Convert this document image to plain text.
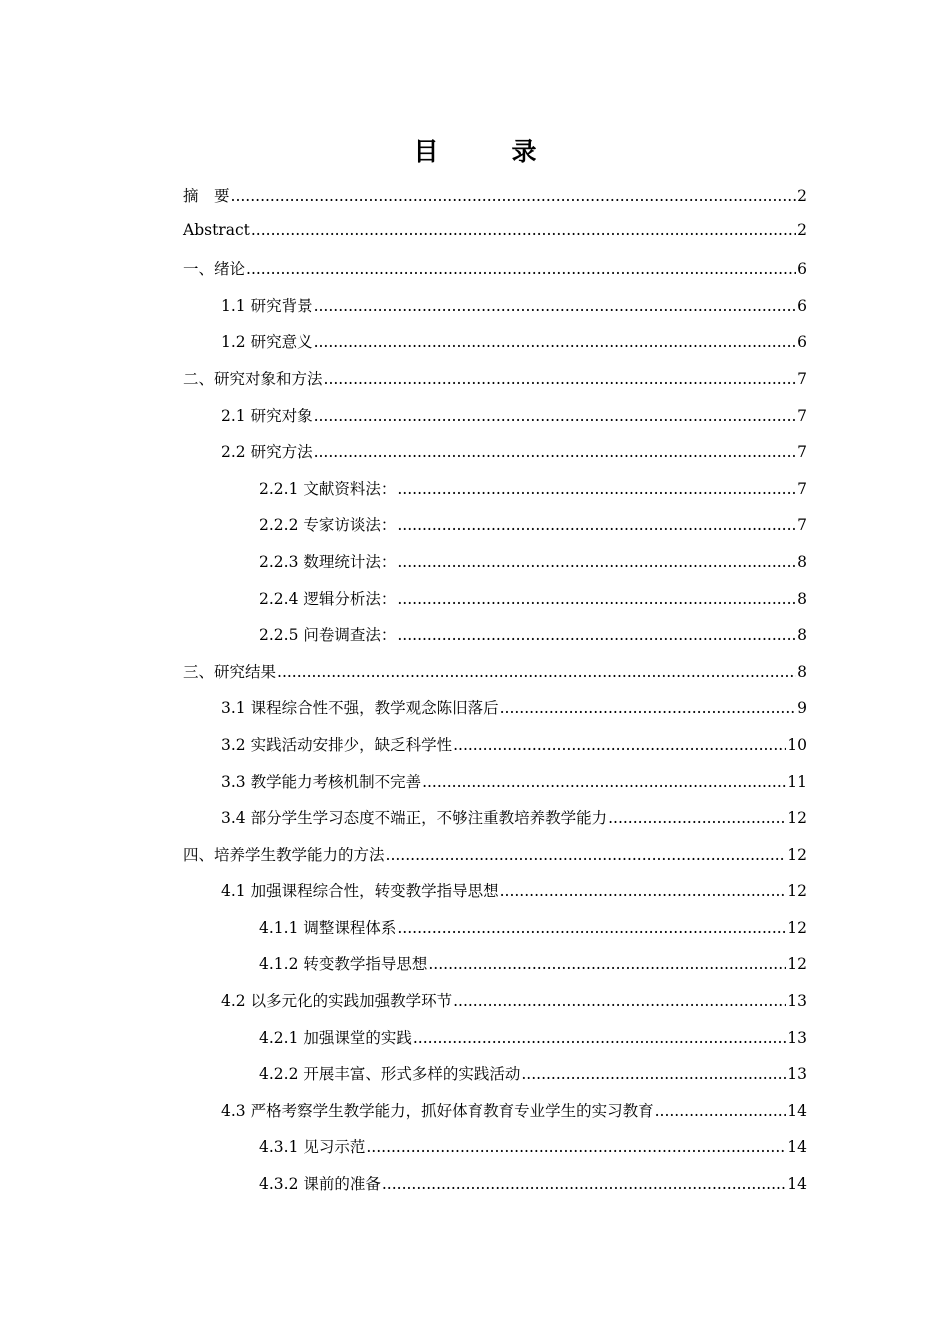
目　录
摘　要 .....	2
Abstract .....	2
一、绪论 .....	6
1.1 研究背景 .....	6
1.2 研究意义 .....	6
二、研究对象和方法 .....	7
2.1 研究对象 .....	7
2.2 研究方法 .....	7
2.2.1 文献资料法： .....	7
2.2.2 专家访谈法： .....	7
2.2.3 数理统计法： .....	8
2.2.4 逻辑分析法： .....	8
2.2.5 问卷调查法： .....	8
三、研究结果 .....	8
3.1 课程综合性不强，教学观念陈旧落后 .....	9
3.2 实践活动安排少，缺乏科学性 .....	10
3.3 教学能力考核机制不完善 .....	11
3.4 部分学生学习态度不端正，不够注重教培养教学能力 .....	12
四、培养学生教学能力的方法 .....	12
4.1 加强课程综合性，转变教学指导思想 .....	12
4.1.1 调整课程体系 .....	12
4.1.2 转变教学指导思想 .....	12
4.2 以多元化的实践加强教学环节 .....	13
4.2.1 加强课堂的实践 .....	13
4.2.2 开展丰富、形式多样的实践活动 .....	13
4.3 严格考察学生教学能力，抓好体育教育专业学生的实习教育 .....	14
4.3.1 见习示范 .....	14
4.3.2 课前的准备 .....	14
